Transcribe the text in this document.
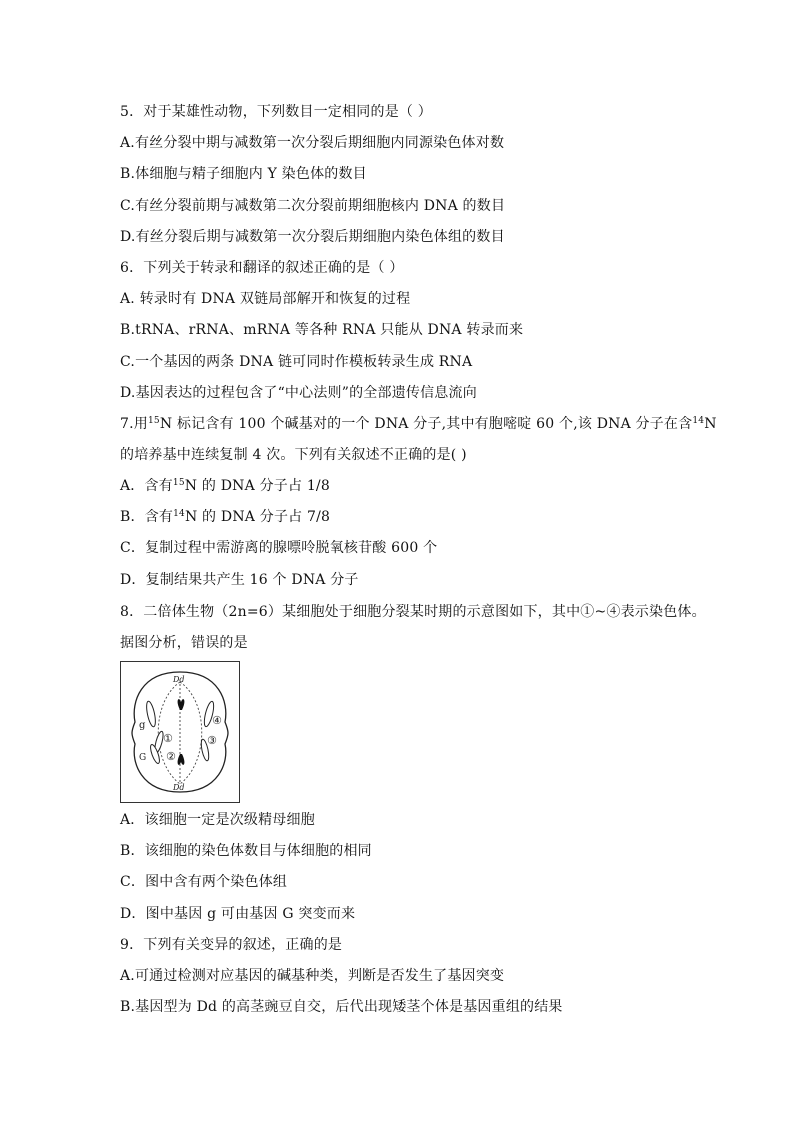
5．对于某雄性动物，下列数目一定相同的是（ ）
A.有丝分裂中期与减数第一次分裂后期细胞内同源染色体对数
B.体细胞与精子细胞内 Y 染色体的数目
C.有丝分裂前期与减数第二次分裂前期细胞核内 DNA 的数目
D.有丝分裂后期与减数第一次分裂后期细胞内染色体组的数目
6．下列关于转录和翻译的叙述正确的是（ ）
A. 转录时有 DNA 双链局部解开和恢复的过程
B.tRNA、rRNA、mRNA 等各种 RNA 只能从 DNA 转录而来
C.一个基因的两条 DNA 链可同时作模板转录生成 RNA
D.基因表达的过程包含了“中心法则”的全部遗传信息流向
7.用$^{15}$N 标记含有 100 个碱基对的一个 DNA 分子,其中有胞嘧啶 60 个,该 DNA 分子在含$^{14}$N
的培养基中连续复制 4 次。下列有关叙述不正确的是( )
A．含有$^{15}$N 的 DNA 分子占 1/8
B．含有$^{14}$N 的 DNA 分子占 7/8
C．复制过程中需游离的腺嘌呤脱氧核苷酸 600 个
D．复制结果共产生 16 个 DNA 分子
8．二倍体生物（2n=6）某细胞处于细胞分裂某时期的示意图如下，其中①~④表示染色体。
据图分析，错误的是
Dd
g
G
①
②
③
④
Dd
A．该细胞一定是次级精母细胞
B．该细胞的染色体数目与体细胞的相同
C．图中含有两个染色体组
D．图中基因 g 可由基因 G 突变而来
9．下列有关变异的叙述，正确的是
A.可通过检测对应基因的碱基种类，判断是否发生了基因突变
B.基因型为 Dd 的高茎豌豆自交，后代出现矮茎个体是基因重组的结果
